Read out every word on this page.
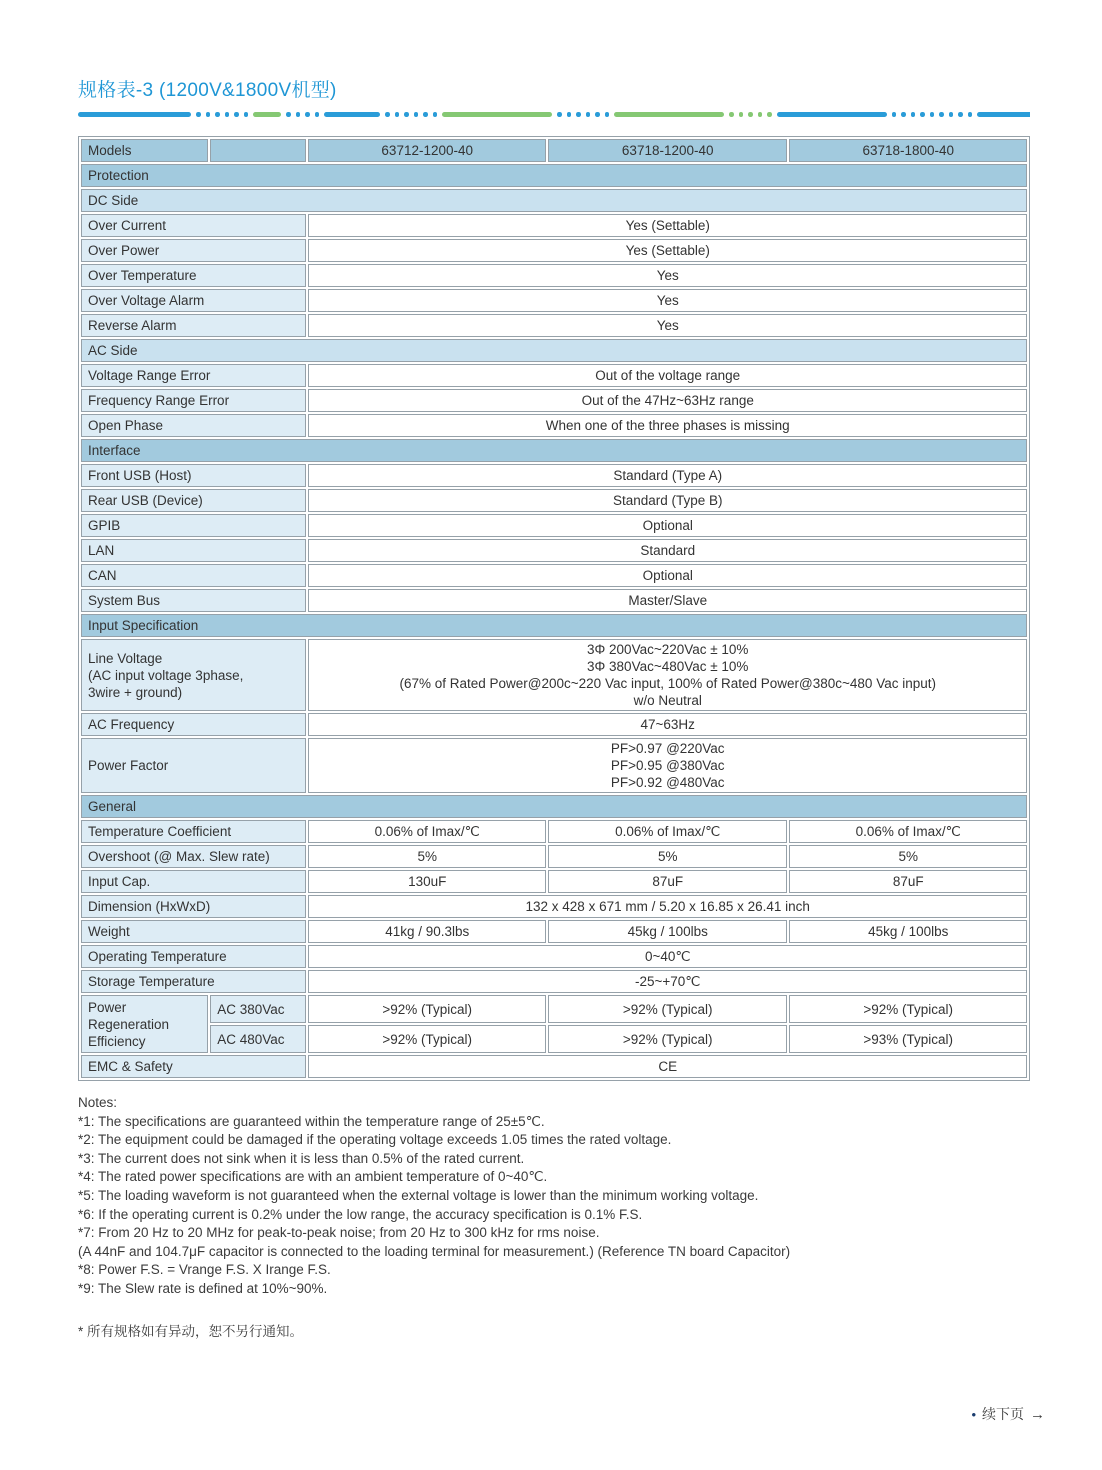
规格表-3 (1200V&1800V机型)
Models		63712-1200-40	63718-1200-40	63718-1800-40
Protection				
DC Side				
Over Current		Yes (Settable)		
Over Power		Yes (Settable)		
Over Temperature		Yes		
Over Voltage Alarm		Yes		
Reverse Alarm		Yes		
AC Side				
Voltage Range Error		Out of the voltage range		
Frequency Range Error		Out of the 47Hz~63Hz range		
Open Phase		When one of the three phases is missing		
Interface				
Front USB (Host)		Standard (Type A)		
Rear USB (Device)		Standard (Type B)		
GPIB		Optional		
LAN		Standard		
CAN		Optional		
System Bus		Master/Slave		
Input Specification				

Line Voltage
(AC input voltage 3phase,
3wire + ground)		3Φ 200Vac~220Vac ± 10%
3Φ 380Vac~480Vac ± 10%
(67% of Rated Power@200c~220 Vac input, 100% of Rated Power@380c~480 Vac input)
w/o Neutral		

AC Frequency		47~63Hz		
Power Factor		PF>0.97 @220Vac
PF>0.95 @380Vac
PF>0.92 @480Vac		

General				
Temperature Coefficient		0.06% of Imax/℃	0.06% of Imax/℃	0.06% of Imax/℃
Overshoot (@ Max. Slew rate)		5%	5%	5%
Input Cap.		130uF	87uF	87uF
Dimension (HxWxD)		132 x 428 x 671 mm / 5.20 x 16.85 x 26.41 inch		
Weight		41kg / 90.3lbs	45kg / 100lbs	45kg / 100lbs
Operating Temperature		0~40℃		
Storage Temperature		-25~+70℃		
Power Regeneration Efficiency	AC 380Vac	>92% (Typical)	>92% (Typical)	>92% (Typical)
	AC 480Vac	>92% (Typical)	>92% (Typical)	>93% (Typical)
EMC & Safety		CE		
Notes:
*1: The specifications are guaranteed within the temperature range of 25±5℃.
*2: The equipment could be damaged if the operating voltage exceeds 1.05 times the rated voltage.
*3: The current does not sink when it is less than 0.5% of the rated current.
*4: The rated power specifications are with an ambient temperature of 0~40℃.
*5: The loading waveform is not guaranteed when the external voltage is lower than the minimum working voltage.
*6: If the operating current is 0.2% under the low range, the accuracy specification is 0.1% F.S.
*7: From 20 Hz to 20 MHz for peak-to-peak noise; from 20 Hz to 300 kHz for rms noise.
(A 44nF and 104.7μF capacitor is connected to the loading terminal for measurement.) (Reference TN board Capacitor)
*8: Power F.S. = Vrange F.S. X Irange F.S.
*9: The Slew rate is defined at 10%~90%.
* 所有规格如有异动，恕不另行通知。
• 续下页 →
